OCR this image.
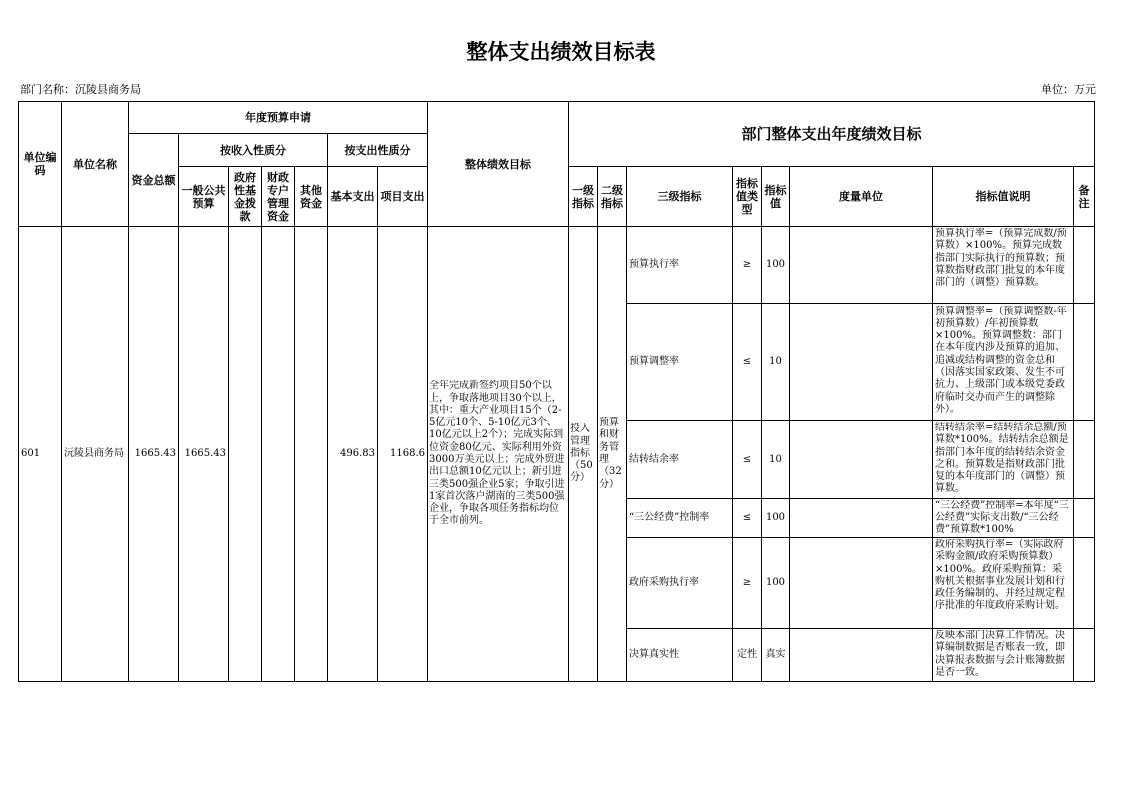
整体支出绩效目标表
部门名称：沉陵县商务局	单位：万元
单位编码	单位名称	年度预算申请							整体绩效目标	部门整体支出年度绩效目标							
		资金总额	按收入性质分				按支出性质分										
			一般公共预算	政府性基金拨款	财政专户管理资金	其他资金	基本支出	项目支出		一级指标	二级指标	三级指标	指标值类型	指标值	度量单位	指标值说明	备注

601	沅陵县商务局	1665.43	1665.43				496.83	1168.6	全年完成新签约项目50个以上，争取落地项目30个以上，其中：重大产业项目15个（2-5亿元10个、5-10亿元3个、10亿元以上2个）；完成实际到位资金80亿元、实际利用外资3000万美元以上；完成外贸进出口总额10亿元以上；新引进三类500强企业5家；争取引进1家首次落户湖南的三类500强企业，争取各项任务指标均位于全市前列。	投入管理指标（50分）	预算和财务管理（32分）	预算执行率	≥	100		预算执行率=（预算完成数/预算数）×100%。预算完成数指部门实际执行的预算数；预算数指财政部门批复的本年度部门的（调整）预算数。	

												预算调整率	≤	10		预算调整率=（预算调整数-年初预算数）/年初预算数×100%。预算调整数：部门在本年度内涉及预算的追加、追减或结构调整的资金总和（因落实国家政策、发生不可抗力、上级部门或本级党委政府临时交办而产生的调整除外）。	

												结转结余率	≤	10		结转结余率=结转结余总额/预算数*100%。结转结余总额是指部门本年度的结转结余资金之和。预算数是指财政部门批复的本年度部门的（调整）预算数。	

												“三公经费”控制率	≤	100		“三公经费”控制率=本年度“三公经费”实际支出数/“三公经费”预算数*100%	

												政府采购执行率	≥	100		政府采购执行率=（实际政府采购金额/政府采购预算数）×100%。政府采购预算：采购机关根据事业发展计划和行政任务编制的、并经过规定程序批准的年度政府采购计划。	

												决算真实性	定性	真实		反映本部门决算工作情况。决算编制数据是否账表一致，即决算报表数据与会计账簿数据是否一致。	
